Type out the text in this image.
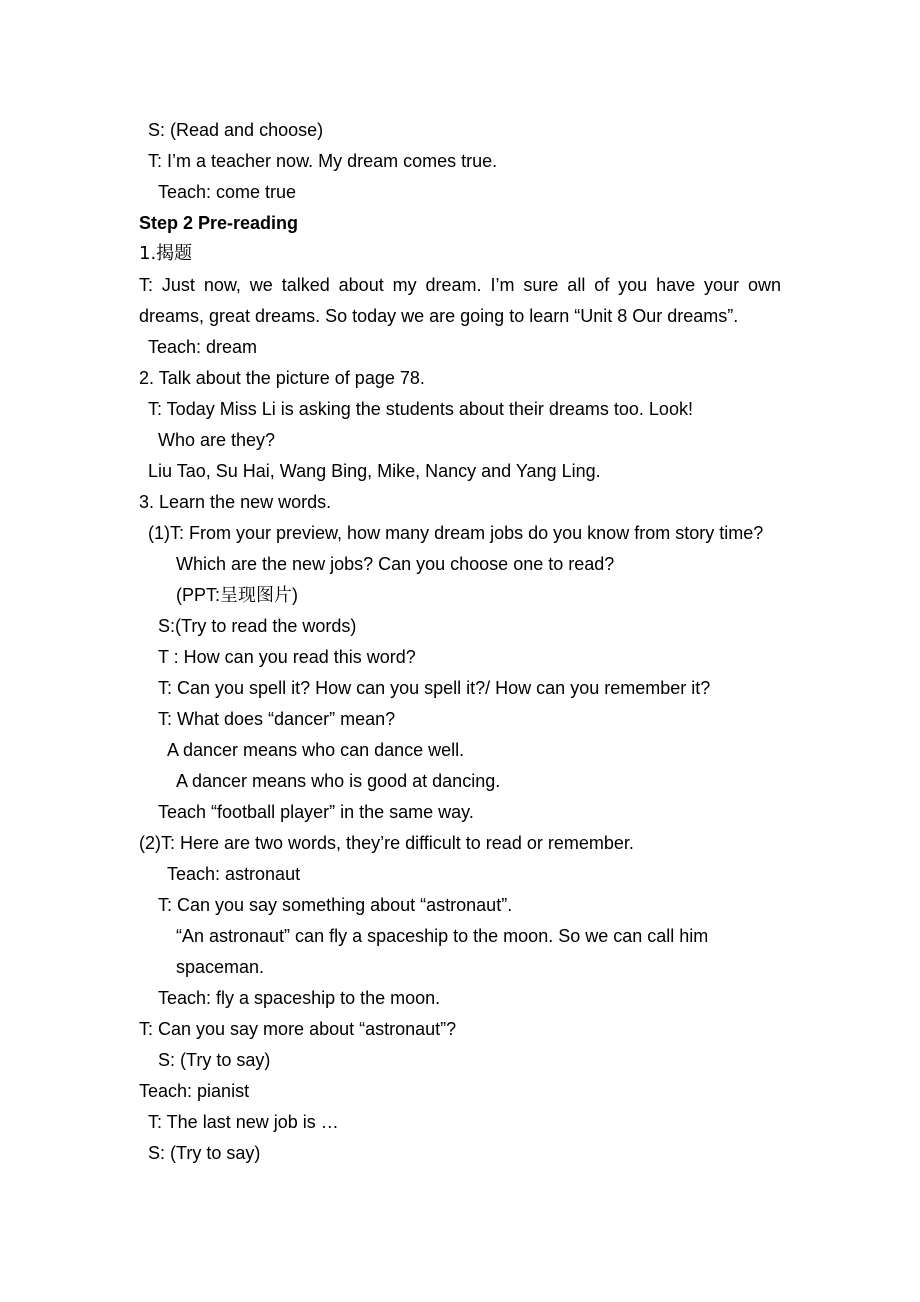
S: (Read and choose)
T: I’m a teacher now. My dream comes true.
Teach: come true
Step 2 Pre-reading
1.揭题
T: Just now, we talked about my dream. I’m sure all of you have your own
dreams, great dreams. So today we are going to learn “Unit 8 Our dreams”.
Teach: dream
2. Talk about the picture of page 78.
T: Today Miss Li is asking the students about their dreams too. Look!
Who are they?
Liu Tao, Su Hai, Wang Bing, Mike, Nancy and Yang Ling.
3. Learn the new words.
(1)T: From your preview, how many dream jobs do you know from story time?
Which are the new jobs? Can you choose one to read?
(PPT:呈现图片)
S:(Try to read the words)
T : How can you read this word?
T: Can you spell it? How can you spell it?/ How can you remember it?
T: What does “dancer” mean?
A dancer means who can dance well.
A dancer means who is good at dancing.
Teach “football player” in the same way.
(2)T: Here are two words, they’re difficult to read or remember.
Teach: astronaut
T: Can you say something about “astronaut”.
“An astronaut” can fly a spaceship to the moon. So we can call him
spaceman.
Teach: fly a spaceship to the moon.
T: Can you say more about “astronaut”?
S: (Try to say)
Teach: pianist
T: The last new job is …
S: (Try to say)
